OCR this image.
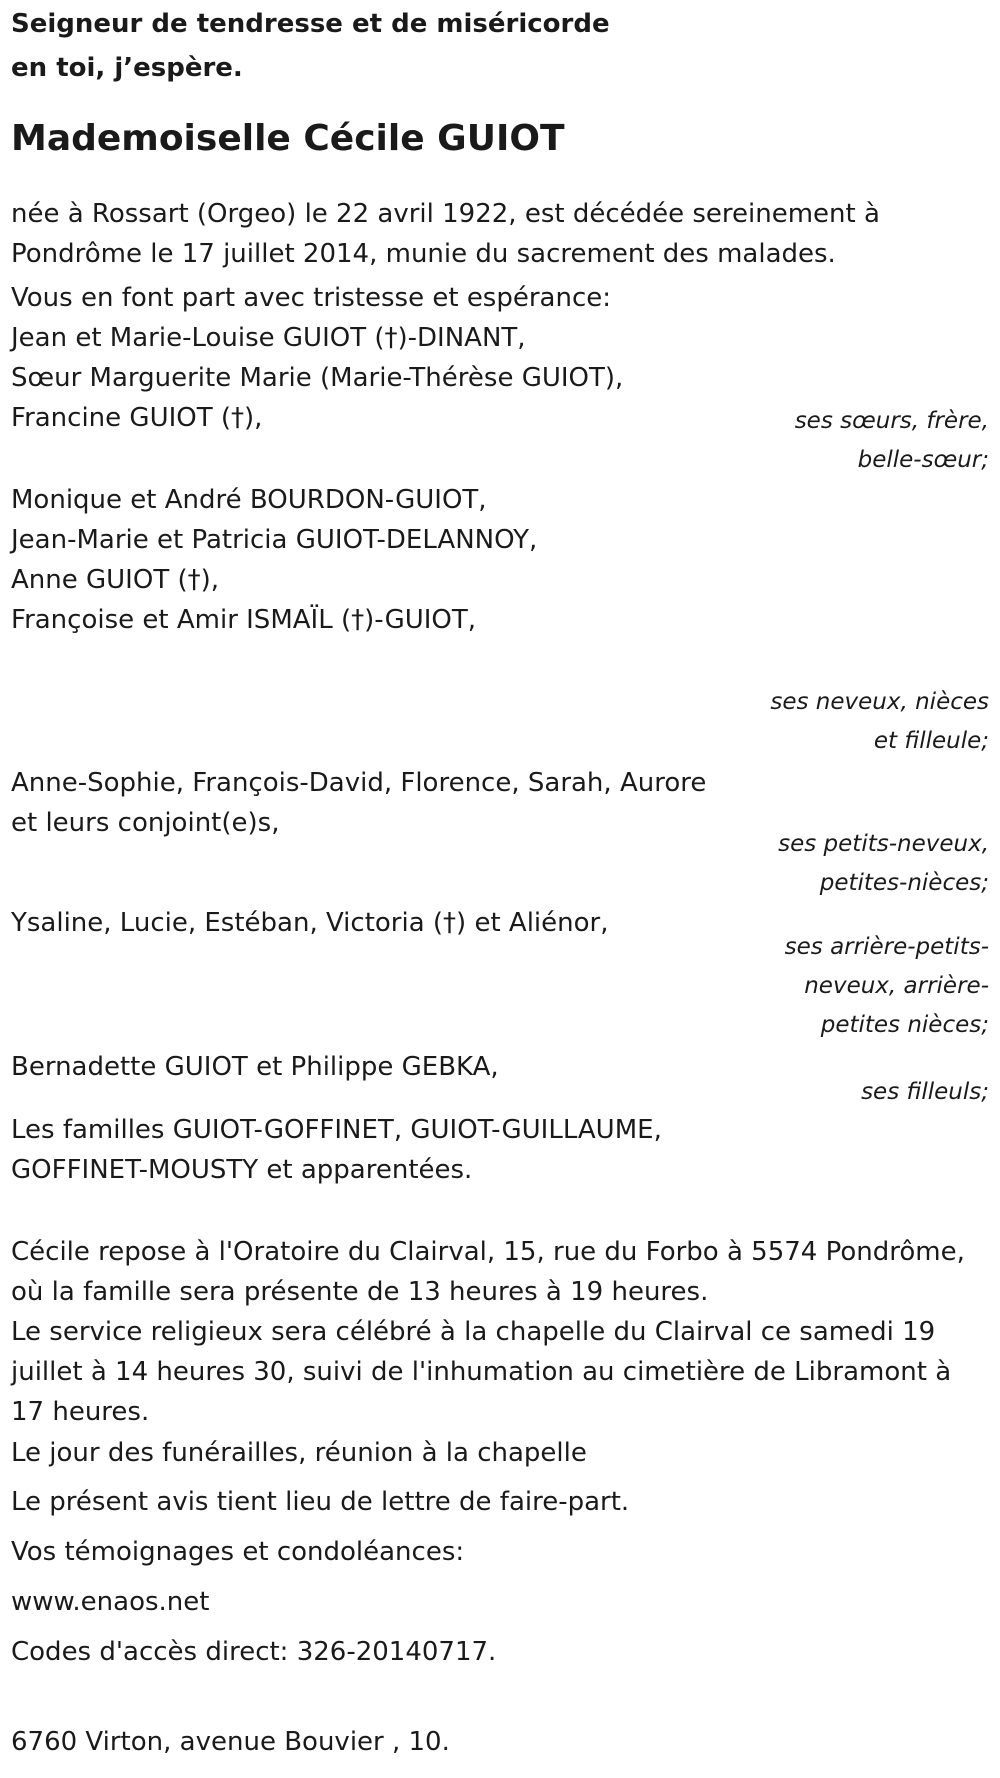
Seigneur de tendresse et de miséricorde
en toi, j’espère.
Mademoiselle Cécile GUIOT
née à Rossart (Orgeo) le 22 avril 1922, est décédée sereinement à
Pondrôme le 17 juillet 2014, munie du sacrement des malades.
Vous en font part avec tristesse et espérance:
Jean et Marie-Louise GUIOT (†)-DINANT,
Sœur Marguerite Marie (Marie-Thérèse GUIOT),
Francine GUIOT (†),	ses sœurs, frère,
belle-sœur;
Monique et André BOURDON-GUIOT,
Jean-Marie et Patricia GUIOT-DELANNOY,
Anne GUIOT (†),
Françoise et Amir ISMAÏL (†)-GUIOT,
ses neveux, nièces
et filleule;
Anne-Sophie, François-David, Florence, Sarah, Aurore
et leurs conjoint(e)s,
ses petits-neveux,
petites-nièces;
Ysaline, Lucie, Estéban, Victoria (†) et Aliénor,
ses arrière-petits-
neveux, arrière-
petites nièces;
Bernadette GUIOT et Philippe GEBKA,
ses filleuls;
Les familles GUIOT-GOFFINET, GUIOT-GUILLAUME,
GOFFINET-MOUSTY et apparentées.
Cécile repose à l'Oratoire du Clairval, 15, rue du Forbo à 5574 Pondrôme,
où la famille sera présente de 13 heures à 19 heures.
Le service religieux sera célébré à la chapelle du Clairval ce samedi 19
juillet à 14 heures 30, suivi de l'inhumation au cimetière de Libramont à
17 heures.
Le jour des funérailles, réunion à la chapelle
Le présent avis tient lieu de lettre de faire-part.
Vos témoignages et condoléances:
www.enaos.net
Codes d'accès direct: 326-20140717.
6760 Virton, avenue Bouvier , 10.
